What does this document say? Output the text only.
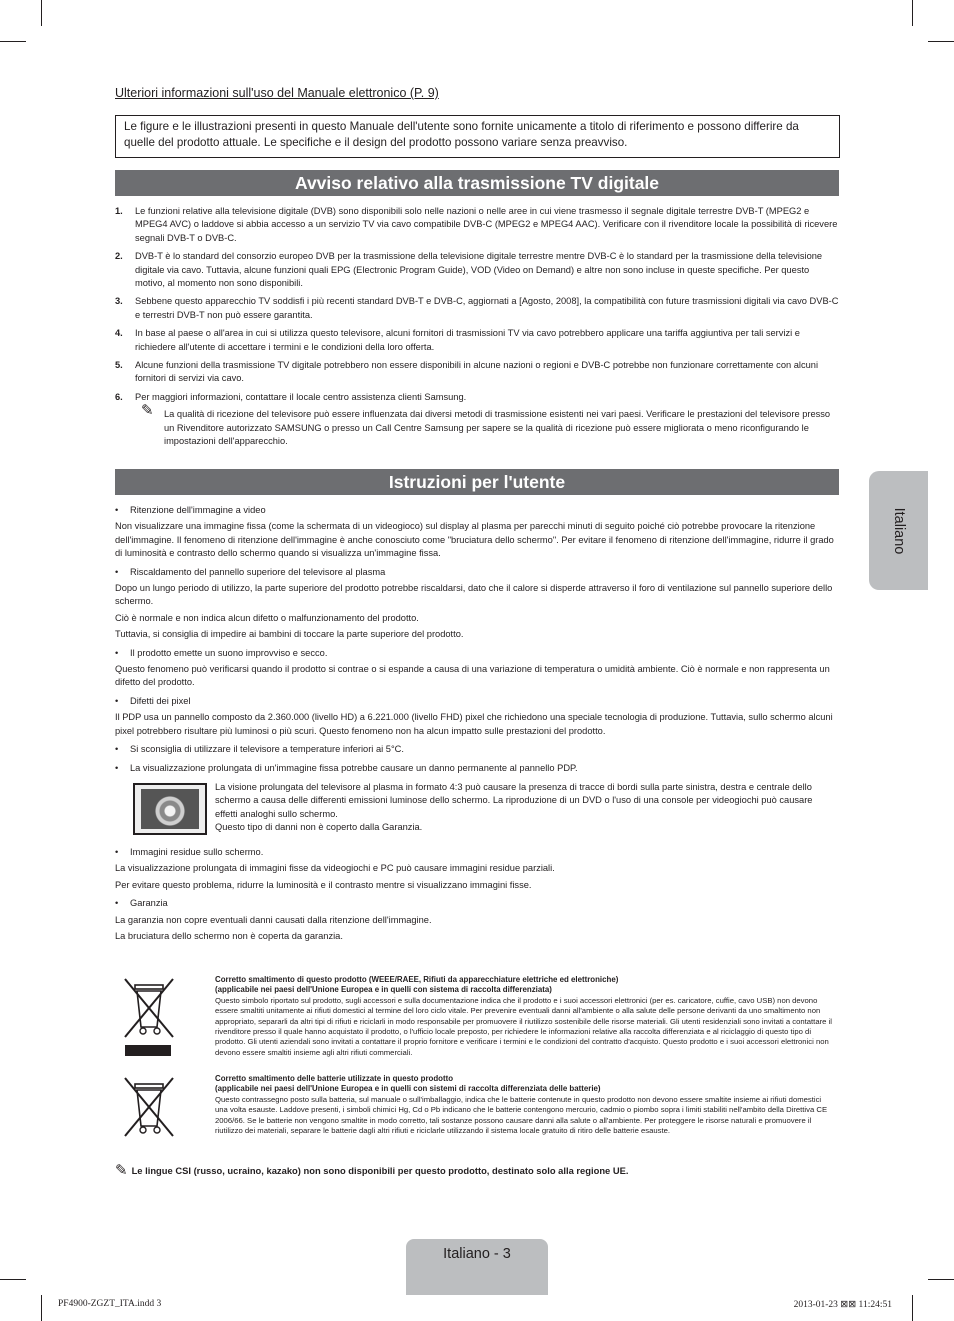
Ulteriori informazioni sull'uso del Manuale elettronico (P. 9)
Le figure e le illustrazioni presenti in questo Manuale dell'utente sono fornite unicamente a titolo di riferimento e possono differire da quelle del prodotto attuale. Le specifiche e il design del prodotto possono variare senza preavviso.
Avviso relativo alla trasmissione TV digitale
1. Le funzioni relative alla televisione digitale (DVB) sono disponibili solo nelle nazioni o nelle aree in cui viene trasmesso il segnale digitale terrestre DVB-T (MPEG2 e MPEG4 AVC) o laddove si abbia accesso a un servizio TV via cavo compatibile DVB-C (MPEG2 e MPEG4 AAC). Verificare con il rivenditore locale la possibilità di ricevere segnali DVB-T o DVB-C.
2. DVB-T è lo standard del consorzio europeo DVB per la trasmissione della televisione digitale terrestre mentre DVB-C è lo standard per la trasmissione della televisione digitale via cavo. Tuttavia, alcune funzioni quali EPG (Electronic Program Guide), VOD (Video on Demand) e altre non sono incluse in queste specifiche. Per questo motivo, al momento non sono disponibili.
3. Sebbene questo apparecchio TV soddisfi i più recenti standard DVB-T e DVB-C, aggiornati a [Agosto, 2008], la compatibilità con future trasmissioni digitali via cavo DVB-C e terrestri DVB-T non può essere garantita.
4. In base al paese o all'area in cui si utilizza questo televisore, alcuni fornitori di trasmissioni TV via cavo potrebbero applicare una tariffa aggiuntiva per tali servizi e richiedere all'utente di accettare i termini e le condizioni della loro offerta.
5. Alcune funzioni della trasmissione TV digitale potrebbero non essere disponibili in alcune nazioni o regioni e DVB-C potrebbe non funzionare correttamente con alcuni fornitori di servizi via cavo.
6. Per maggiori informazioni, contattare il locale centro assistenza clienti Samsung.
✎ La qualità di ricezione del televisore può essere influenzata dai diversi metodi di trasmissione esistenti nei vari paesi. Verificare le prestazioni del televisore presso un Rivenditore autorizzato SAMSUNG o presso un Call Centre Samsung per sapere se la qualità di ricezione può essere migliorata o meno riconfigurando le impostazioni dell'apparecchio.
Istruzioni per l'utente
• Ritenzione dell'immagine a video

Non visualizzare una immagine fissa (come la schermata di un videogioco) sul display al plasma per parecchi minuti di seguito poiché ciò potrebbe provocare la ritenzione dell'immagine. Il fenomeno di ritenzione dell'immagine è anche conosciuto come "bruciatura dello schermo". Per evitare il fenomeno di ritenzione dell'immagine, ridurre il grado di luminosità e contrasto dello schermo quando si visualizza un'immagine fissa.

• Riscaldamento del pannello superiore del televisore al plasma

Dopo un lungo periodo di utilizzo, la parte superiore del prodotto potrebbe riscaldarsi, dato che il calore si disperde attraverso il foro di ventilazione sul pannello superiore dello schermo.

Ciò è normale e non indica alcun difetto o malfunzionamento del prodotto.

Tuttavia, si consiglia di impedire ai bambini di toccare la parte superiore del prodotto.

• Il prodotto emette un suono improvviso e secco.

Questo fenomeno può verificarsi quando il prodotto si contrae o si espande a causa di una variazione di temperatura o umidità ambiente. Ciò è normale e non rappresenta un difetto del prodotto.

• Difetti dei pixel

Il PDP usa un pannello composto da 2.360.000 (livello HD) a 6.221.000 (livello FHD) pixel che richiedono una speciale tecnologia di produzione. Tuttavia, sullo schermo alcuni pixel potrebbero risultare più luminosi o più scuri. Questo fenomeno non ha alcun impatto sulle prestazioni del prodotto.

• Si sconsiglia di utilizzare il televisore a temperature inferiori ai 5°C.
• La visualizzazione prolungata di un'immagine fissa potrebbe causare un danno permanente al pannello PDP.
La visione prolungata del televisore al plasma in formato 4:3 può causare la presenza di tracce di bordi sulla parte sinistra, destra e centrale dello schermo a causa delle differenti emissioni luminose dello schermo. La riproduzione di un DVD o l'uso di una console per videogiochi può causare effetti analoghi sullo schermo.
Questo tipo di danni non è coperto dalla Garanzia.
• Immagini residue sullo schermo.

La visualizzazione prolungata di immagini fisse da videogiochi e PC può causare immagini residue parziali.

Per evitare questo problema, ridurre la luminosità e il contrasto mentre si visualizzano immagini fisse.

• Garanzia

La garanzia non copre eventuali danni causati dalla ritenzione dell'immagine.

La bruciatura dello schermo non è coperta da garanzia.

Corretto smaltimento di questo prodotto (WEEE/RAEE, Rifiuti da apparecchiature elettriche ed elettroniche)
(applicabile nei paesi dell'Unione Europea e in quelli con sistema di raccolta differenziata)
Questo simbolo riportato sul prodotto, sugli accessori e sulla documentazione indica che il prodotto e i suoi accessori elettronici (per es. caricatore, cuffie, cavo USB) non devono essere smaltiti unitamente ai rifiuti domestici al termine del loro ciclo vitale. Per prevenire eventuali danni all'ambiente o alla salute delle persone derivanti da uno smaltimento non appropriato, separarli da altri tipi di rifiuti e riciclarli in modo responsabile per promuovere il riutilizzo sostenibile delle risorse materiali. Gli utenti residenziali sono invitati a contattare il rivenditore presso il quale hanno acquistato il prodotto, o l'ufficio locale preposto, per richiedere le informazioni relative alla raccolta differenziata e al riciclaggio di questo tipo di prodotto. Gli utenti aziendali sono invitati a contattare il proprio fornitore e verificare i termini e le condizioni del contratto d'acquisto. Questo prodotto e i suoi accessori elettronici non devono essere smaltiti insieme agli altri rifiuti commerciali.
Corretto smaltimento delle batterie utilizzate in questo prodotto
(applicabile nei paesi dell'Unione Europea e in quelli con sistemi di raccolta differenziata delle batterie)
Questo contrassegno posto sulla batteria, sul manuale o sull'imballaggio, indica che le batterie contenute in questo prodotto non devono essere smaltite insieme ai rifiuti domestici una volta esauste. Laddove presenti, i simboli chimici Hg, Cd o Pb indicano che le batterie contengono mercurio, cadmio o piombo sopra i limiti stabiliti nell'ambito della Direttiva CE 2006/66. Se le batterie non vengono smaltite in modo corretto, tali sostanze possono causare danni alla salute o all'ambiente. Per proteggere le risorse naturali e promuovere il riutilizzo dei materiali, separare le batterie dagli altri rifiuti e riciclarle utilizzando il sistema locale gratuito di ritiro delle batterie esauste.
✎ Le lingue CSI (russo, ucraino, kazako) non sono disponibili per questo prodotto, destinato solo alla regione UE.
Italiano
Italiano - 3
PF4900-ZGZT_ITA.indd 3	2013-01-23 ⊠⊠ 11:24:51
